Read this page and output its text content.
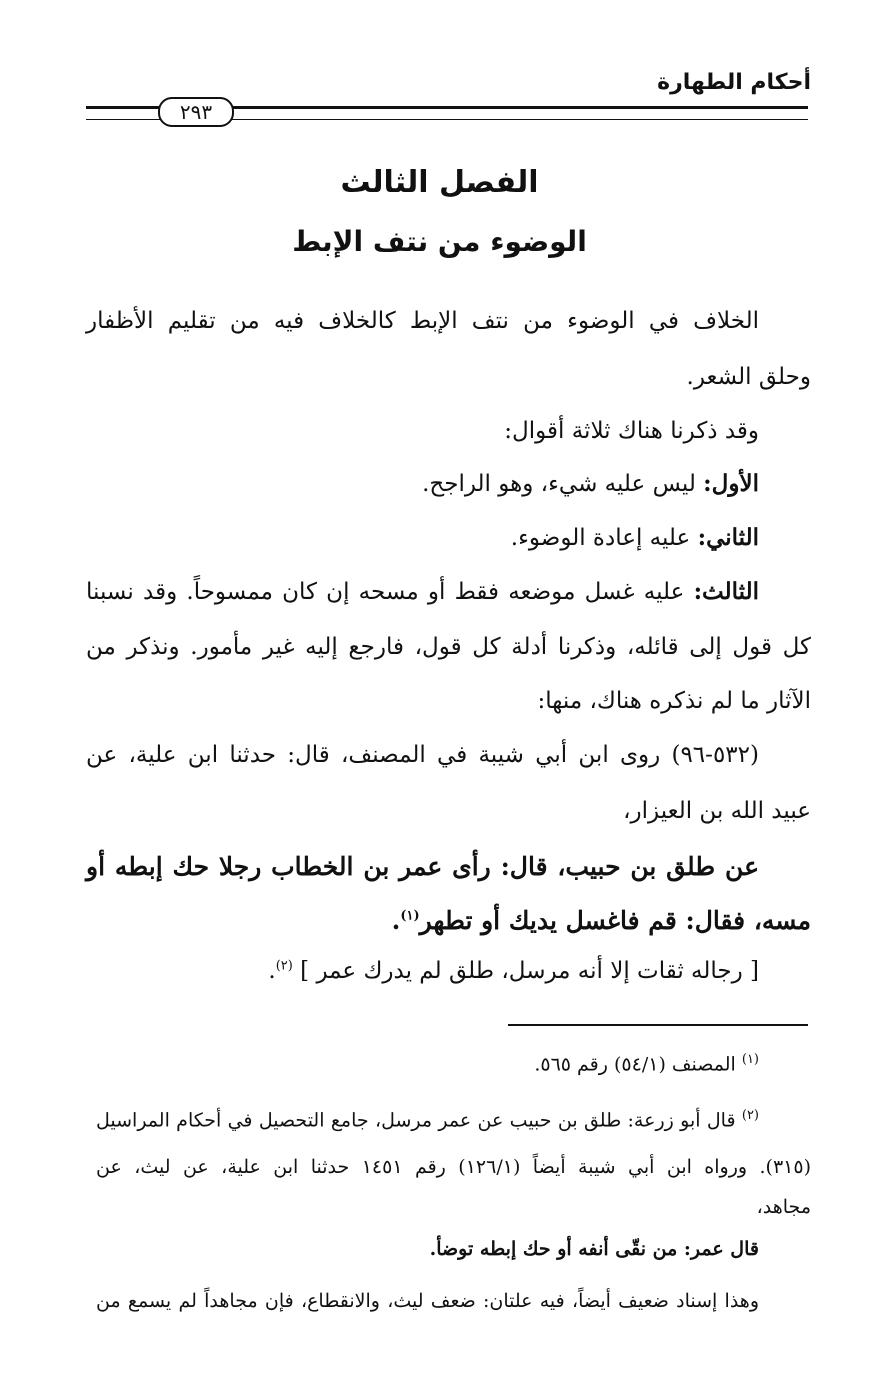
أحكام الطهارة
٢٩٣
الفصل الثالث
الوضوء من نتف الإبط
الخلاف في الوضوء من نتف الإبط كالخلاف فيه من تقليم الأظفار
وحلق الشعر.
وقد ذكرنا هناك ثلاثة أقوال:
الأول: ليس عليه شيء، وهو الراجح.
الثاني: عليه إعادة الوضوء.
الثالث: عليه غسل موضعه فقط أو مسحه إن كان ممسوحاً. وقد نسبنا
كل قول إلى قائله، وذكرنا أدلة كل قول، فارجع إليه غير مأمور. ونذكر من
الآثار ما لم نذكره هناك، منها:
(٥٣٢-٩٦) روى ابن أبي شيبة في المصنف، قال: حدثنا ابن علية، عن
عبيد الله بن العيزار،
عن طلق بن حبيب، قال: رأى عمر بن الخطاب رجلا حك إبطه أو
مسه، فقال: قم فاغسل يديك أو تطهر$^{(١)}$.
[ رجاله ثقات إلا أنه مرسل، طلق لم يدرك عمر ] $^{(٢)}$.
$^{(١)}$ المصنف (٥٤/١) رقم ٥٦٥.
$^{(٢)}$ قال أبو زرعة: طلق بن حبيب عن عمر مرسل، جامع التحصيل في أحكام المراسيل
(٣١٥). ورواه ابن أبي شيبة أيضاً (١٢٦/١) رقم ١٤٥١ حدثنا ابن علية، عن ليث، عن
مجاهد،
قال عمر: من نقّى أنفه أو حك إبطه توضأ.
وهذا إسناد ضعيف أيضاً، فيه علتان: ضعف ليث، والانقطاع، فإن مجاهداً لم يسمع من
